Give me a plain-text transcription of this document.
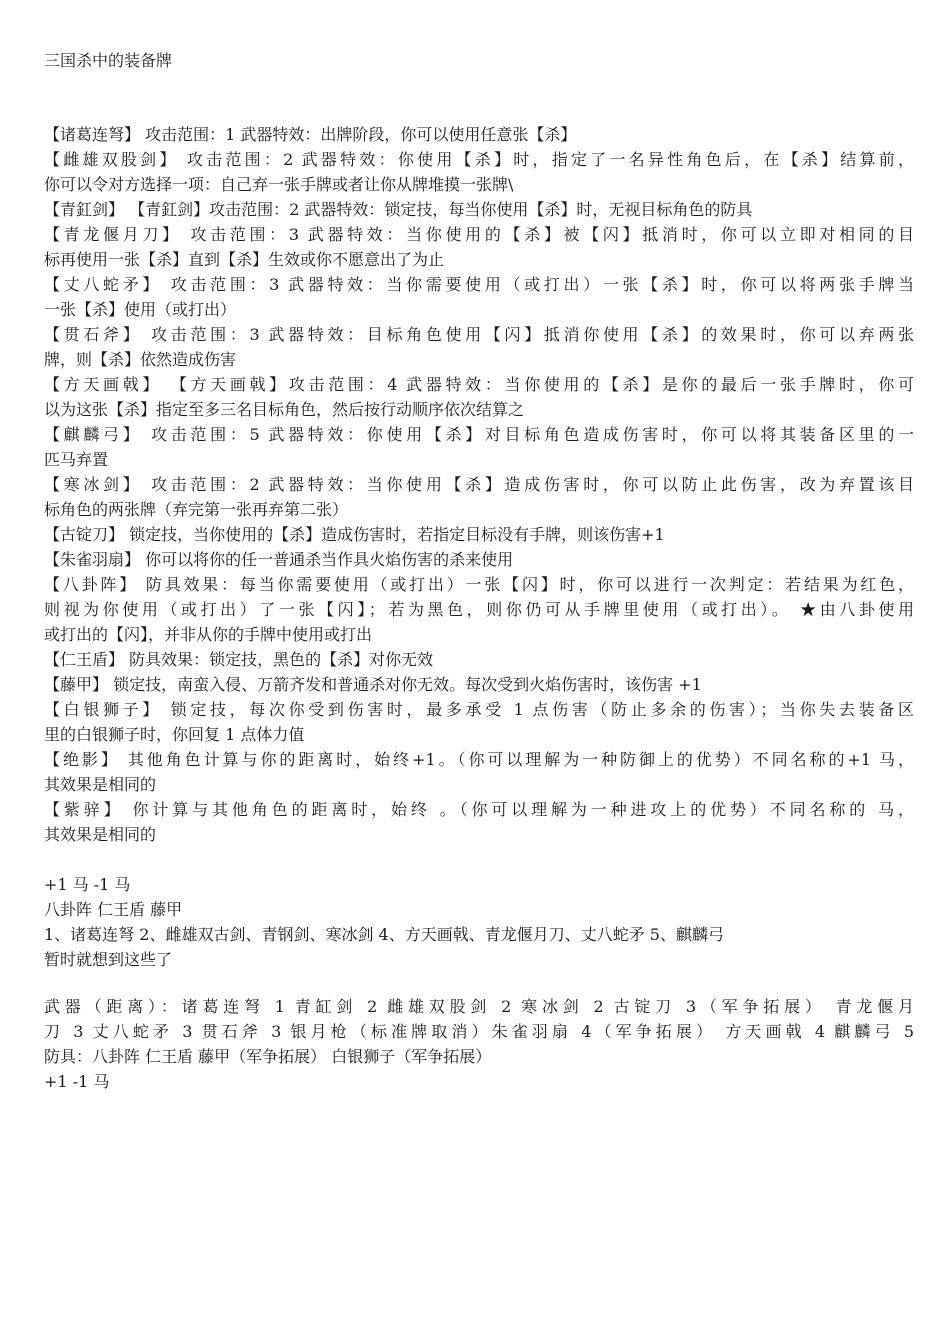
三国杀中的装备牌
【诸葛连弩】 攻击范围：1 武器特效：出牌阶段，你可以使用任意张【杀】
【雌雄双股剑】 攻击范围：2 武器特效：你使用【杀】时，指定了一名异性角色后，在【杀】结算前，
你可以令对方选择一项：自己弃一张手牌或者让你从牌堆摸一张牌\
【青釭剑】 【青釭剑】攻击范围：2 武器特效：锁定技，每当你使用【杀】时，无视目标角色的防具
【青龙偃月刀】 攻击范围：3 武器特效：当你使用的【杀】被【闪】抵消时，你可以立即对相同的目
标再使用一张【杀】直到【杀】生效或你不愿意出了为止
【丈八蛇矛】 攻击范围：3 武器特效：当你需要使用（或打出）一张【杀】时，你可以将两张手牌当
一张【杀】使用（或打出）
【贯石斧】 攻击范围：3 武器特效：目标角色使用【闪】抵消你使用【杀】的效果时，你可以弃两张
牌，则【杀】依然造成伤害
【方天画戟】 【方天画戟】攻击范围：4 武器特效：当你使用的【杀】是你的最后一张手牌时，你可
以为这张【杀】指定至多三名目标角色，然后按行动顺序依次结算之
【麒麟弓】 攻击范围：5 武器特效：你使用【杀】对目标角色造成伤害时，你可以将其装备区里的一
匹马弃置
【寒冰剑】 攻击范围：2 武器特效：当你使用【杀】造成伤害时，你可以防止此伤害，改为弃置该目
标角色的两张牌（弃完第一张再弃第二张）
【古锭刀】 锁定技，当你使用的【杀】造成伤害时，若指定目标没有手牌，则该伤害+1
【朱雀羽扇】 你可以将你的任一普通杀当作具火焰伤害的杀来使用
【八卦阵】 防具效果：每当你需要使用（或打出）一张【闪】时，你可以进行一次判定：若结果为红色，
则视为你使用（或打出）了一张【闪】；若为黑色，则你仍可从手牌里使用（或打出）。 ★由八卦使用
或打出的【闪】，并非从你的手牌中使用或打出
【仁王盾】 防具效果：锁定技，黑色的【杀】对你无效
【藤甲】 锁定技，南蛮入侵、万箭齐发和普通杀对你无效。每次受到火焰伤害时，该伤害 +1
【白银狮子】 锁定技，每次你受到伤害时，最多承受 1 点伤害（防止多余的伤害）；当你失去装备区
里的白银狮子时，你回复 1 点体力值
【绝影】 其他角色计算与你的距离时，始终+1。（你可以理解为一种防御上的优势）不同名称的+1 马，
其效果是相同的
【紫骍】 你计算与其他角色的距离时，始终 。（你可以理解为一种进攻上的优势）不同名称的 马，
其效果是相同的
+1 马 -1 马
八卦阵 仁王盾 藤甲
1、诸葛连弩 2、雌雄双古剑、青钢剑、寒冰剑 4、方天画戟、青龙偃月刀、丈八蛇矛 5、麒麟弓
暂时就想到这些了
武器（距离）：诸葛连弩 1 青缸剑 2 雌雄双股剑 2 寒冰剑 2 古锭刀 3（军争拓展） 青龙偃月
刀 3 丈八蛇矛 3 贯石斧 3 银月枪（标准牌取消）朱雀羽扇 4（军争拓展） 方天画戟 4 麒麟弓 5
防具：八卦阵 仁王盾 藤甲（军争拓展） 白银狮子（军争拓展）
+1 -1 马
